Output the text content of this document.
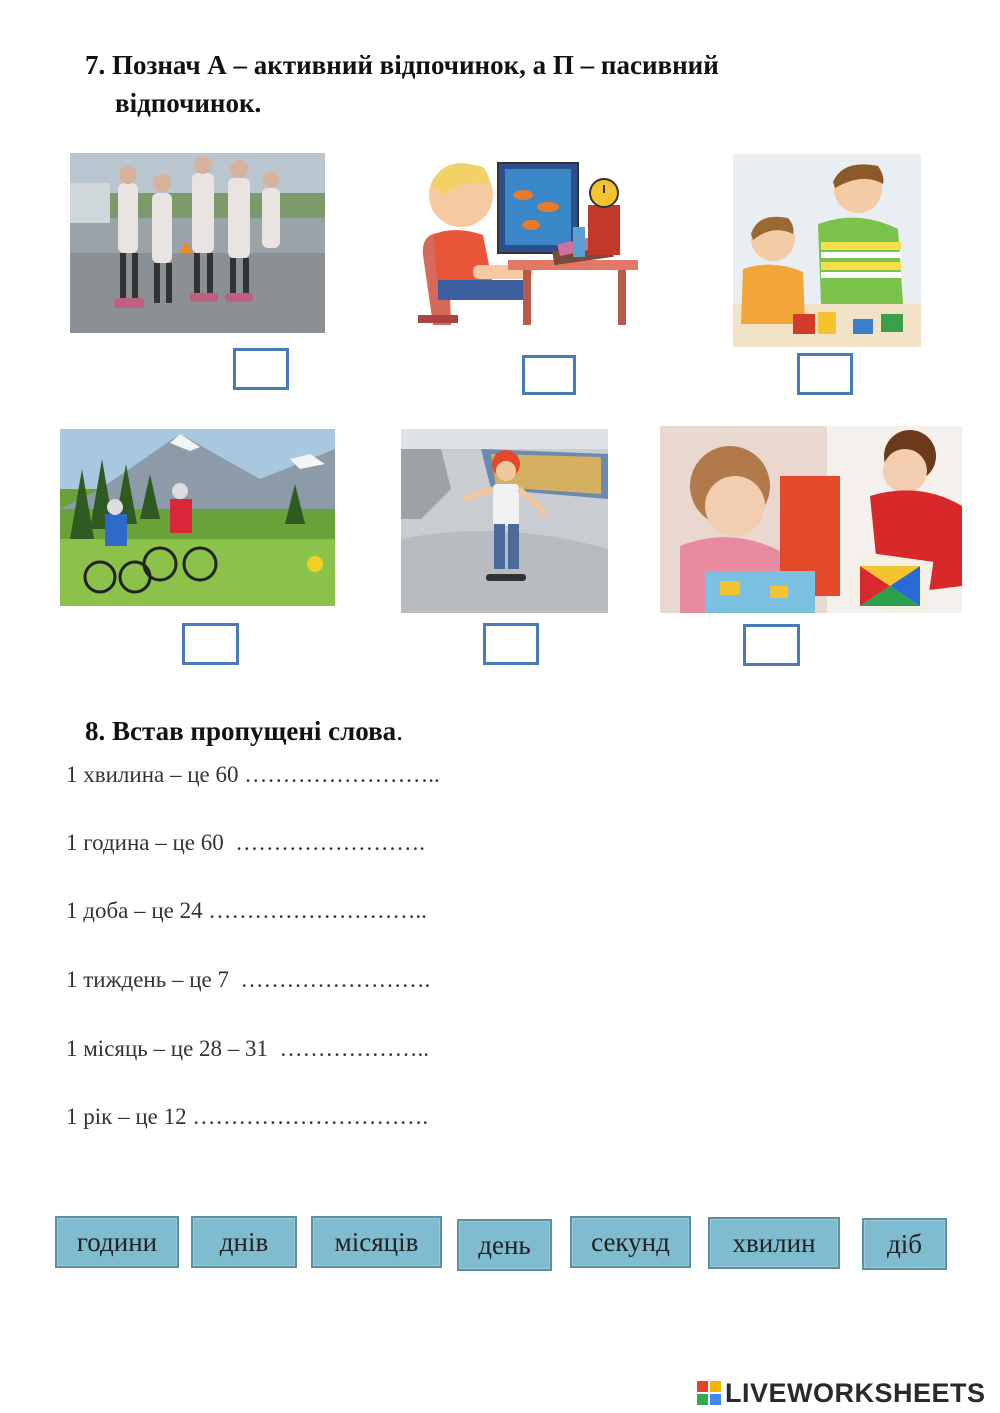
7. Познач А – активний відпочинок, а П – пасивний
відпочинок.
8. Встав пропущені слова.
1 хвилина – це 60 ……………………..
1 година – це 60  …………………….
1 доба – це 24 ………………………..
1 тиждень – це 7  …………………….
1 місяць – це 28 – 31  ………………..
1 рік – це 12 ………………………….
години	днів	місяців	день	секунд	хвилин	діб
LIVEWORKSHEETS
